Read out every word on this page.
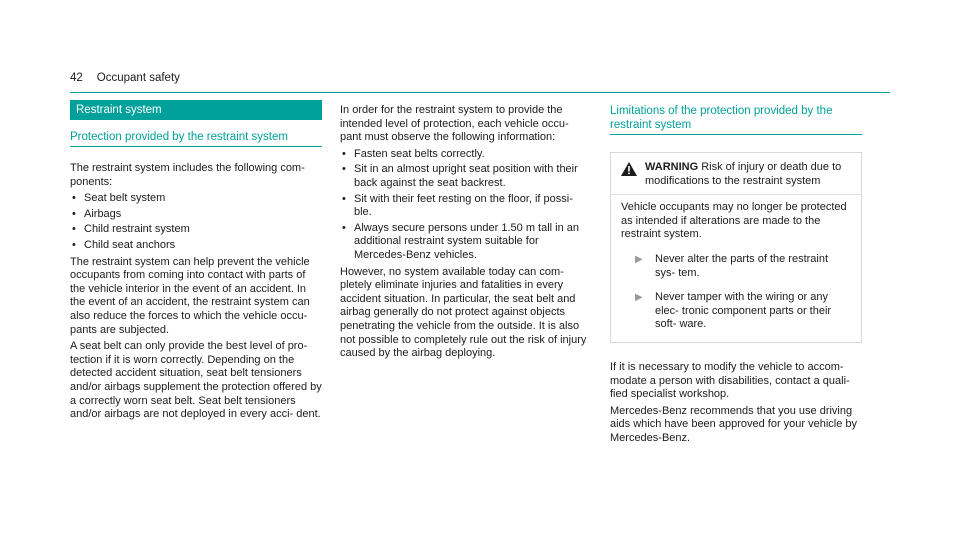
42 Occupant safety
Restraint system
Protection provided by the restraint system

The restraint system includes the following com- ponents:

• Seat belt system
• Airbags
• Child restraint system
• Child seat anchors

The restraint system can help prevent the vehicle occupants from coming into contact with parts of the vehicle interior in the event of an accident. In the event of an accident, the restraint system can also reduce the forces to which the vehicle occu- pants are subjected.

A seat belt can only provide the best level of pro- tection if it is worn correctly. Depending on the detected accident situation, seat belt tensioners and/or airbags supplement the protection offered by a correctly worn seat belt. Seat belt tensioners and/or airbags are not deployed in every acci- dent.

In order for the restraint system to provide the intended level of protection, each vehicle occu- pant must observe the following information:

• Fasten seat belts correctly.
• Sit in an almost upright seat position with their back against the seat backrest.
• Sit with their feet resting on the floor, if possi- ble.
• Always secure persons under 1.50 m tall in an additional restraint system suitable for Mercedes-Benz vehicles.

However, no system available today can com- pletely eliminate injuries and fatalities in every accident situation. In particular, the seat belt and airbag generally do not protect against objects penetrating the vehicle from the outside. It is also not possible to completely rule out the risk of injury caused by the airbag deploying.

Limitations of the protection provided by the restraint system
WARNING Risk of injury or death due to modifications to the restraint system

Vehicle occupants may no longer be protected as intended if alterations are made to the restraint system.

▶ Never alter the parts of the restraint sys- tem.
▶ Never tamper with the wiring or any elec- tronic component parts or their soft- ware.

If it is necessary to modify the vehicle to accom- modate a person with disabilities, contact a quali- fied specialist workshop.

Mercedes-Benz recommends that you use driving aids which have been approved for your vehicle by Mercedes-Benz.
